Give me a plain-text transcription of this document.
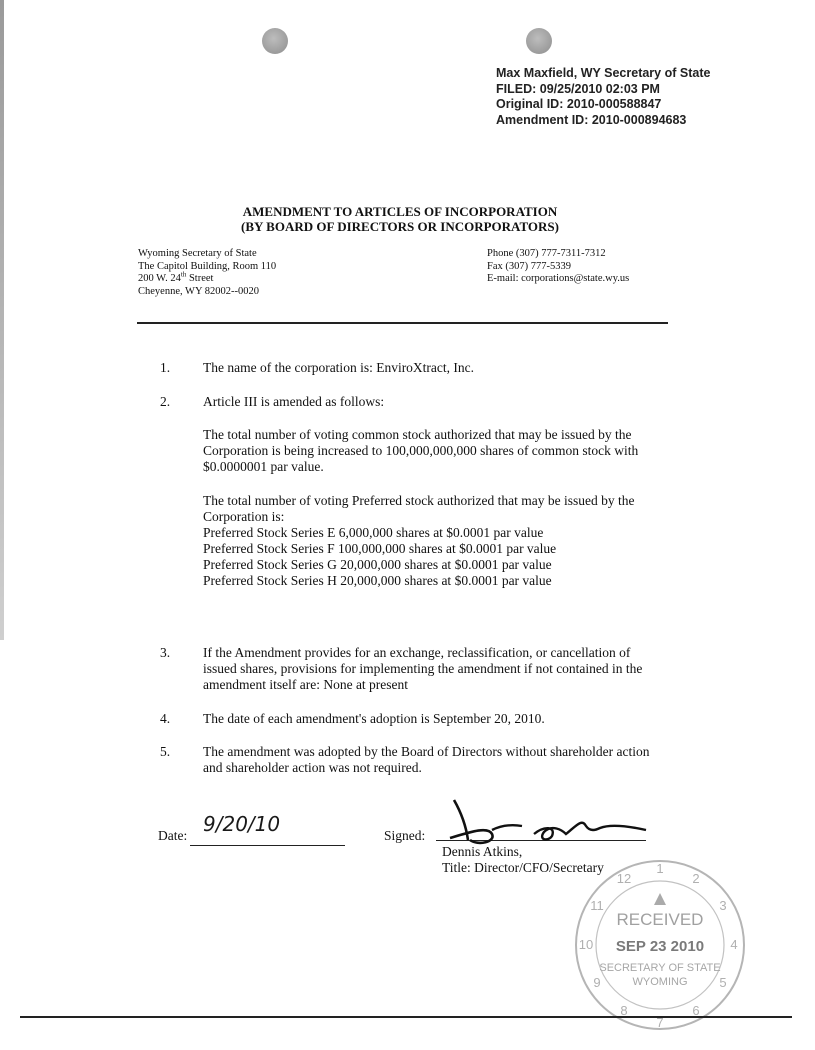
Max Maxfield, WY Secretary of State
FILED: 09/25/2010 02:03 PM
Original ID: 2010-000588847
Amendment ID: 2010-000894683
AMENDMENT TO ARTICLES OF INCORPORATION
(BY BOARD OF DIRECTORS OR INCORPORATORS)
Wyoming Secretary of State
The Capitol Building, Room 110
200 W. 24th Street
Cheyenne, WY 82002--0020
Phone (307) 777-7311-7312
Fax (307) 777-5339
E-mail: corporations@state.wy.us
1. The name of the corporation is: EnviroXtract, Inc.
2. Article III is amended as follows:
The total number of voting common stock authorized that may be issued by the Corporation is being increased to 100,000,000,000 shares of common stock with $0.0000001 par value.
The total number of voting Preferred stock authorized that may be issued by the
Corporation is:
Preferred Stock Series E 6,000,000 shares at $0.0001 par value
Preferred Stock Series F 100,000,000 shares at $0.0001 par value
Preferred Stock Series G 20,000,000 shares at $0.0001 par value
Preferred Stock Series H 20,000,000 shares at $0.0001 par value
3. If the Amendment provides for an exchange, reclassification, or cancellation of issued shares, provisions for implementing the amendment if not contained in the amendment itself are: None at present
4. The date of each amendment's adoption is September 20, 2010.
5. The amendment was adopted by the Board of Directors without shareholder action and shareholder action was not required.
Date: 9/20/10	Signed:
Dennis Atkins,
Title: Director/CFO/Secretary	1
2
3
4
5
6
7
8
9
10
11
12
RECEIVED
SEP 23 2010
SECRETARY OF STATE
WYOMING
